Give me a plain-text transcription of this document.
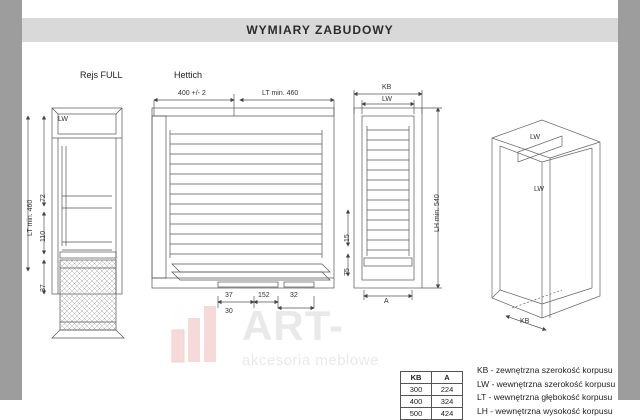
WYMIARY ZABUDOWY
ART-
akcesoria meblowe
Rejs FULL	Hettich
LT min. 460
LW
110
37
72
400 +/- 2	LT min. 460
37	152	32
30
KB
LW
A
LH min. 540
15
75
LW
LW
KB
KB	A
300	224
400	324
500	424
KB - zewnętrzna szerokość korpusu
LW - wewnętrzna szerokość korpusu
LT - wewnętrzna głębokość korpusu
LH - wewnętrzna wysokość korpusu
